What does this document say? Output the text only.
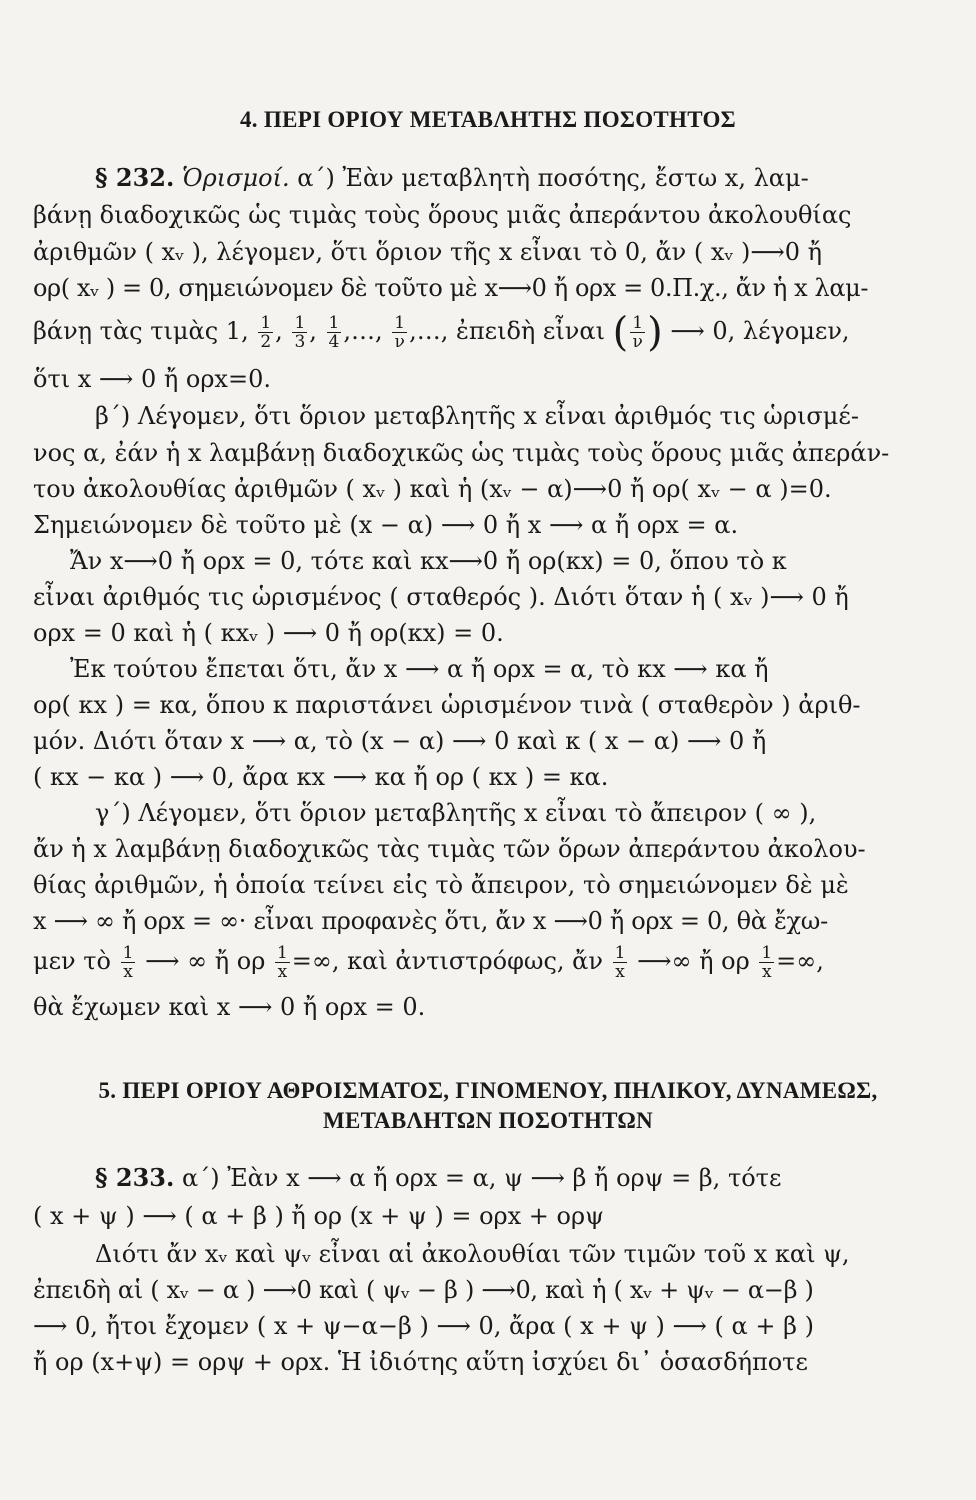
4. ΠΕΡΙ ΟΡΙΟΥ ΜΕΤΑΒΛΗΤΗΣ ΠΟΣΟΤΗΤΟΣ
§ 232. Ὁρισμοί. α΄) Ἐὰν μεταβλητὴ ποσότης, ἔστω x, λαμ-
βάνῃ διαδοχικῶς ὡς τιμὰς τοὺς ὅρους μιᾶς ἀπεράντου ἀκολουθίας
ἀριθμῶν ( xᵥ ), λέγομεν, ὅτι ὅριον τῆς x εἶναι τὸ 0, ἄν ( xᵥ )⟶0 ἤ
ορ( xᵥ ) = 0, σημειώνομεν δὲ τοῦτο μὲ x⟶0 ἤ ορx = 0.Π.χ., ἄν ἡ x λαμ-
βάνῃ τὰς τιμὰς 1, $\frac{1}{2}$ , $\frac{1}{3}$ , $\frac{1}{4}$ ,…, $\frac{1}{\nu}$ ,…, ἐπειδὴ εἶναι ( $\frac{1}{\nu}$ ) ⟶ 0, λέγομεν,
ὅτι x ⟶ 0 ἤ ορx=0.
β΄) Λέγομεν, ὅτι ὅριον μεταβλητῆς x εἶναι ἀριθμός τις ὡρισμέ-
νος α, ἐάν ἡ x λαμβάνῃ διαδοχικῶς ὡς τιμὰς τοὺς ὅρους μιᾶς ἀπεράν-
του ἀκολουθίας ἀριθμῶν ( xᵥ ) καὶ ἡ (xᵥ − α)⟶0 ἤ ορ( xᵥ − α )=0.
Σημειώνομεν δὲ τοῦτο μὲ (x − α) ⟶ 0 ἤ x ⟶ α ἤ ορx = α.
Ἄν x⟶0 ἤ ορx = 0, τότε καὶ κx⟶0 ἤ ορ(κx) = 0, ὅπου τὸ κ
εἶναι ἀριθμός τις ὡρισμένος ( σταθερός ). Διότι ὅταν ἡ ( xᵥ )⟶ 0 ἤ
ορx = 0 καὶ ἡ ( κxᵥ ) ⟶ 0 ἤ ορ(κx) = 0.
Ἐκ τούτου ἔπεται ὅτι, ἄν x ⟶ α ἤ ορx = α, τὸ κx ⟶ κα ἤ
ορ( κx ) = κα, ὅπου κ παριστάνει ὡρισμένον τινὰ ( σταθερὸν ) ἀριθ-
μόν. Διότι ὅταν x ⟶ α, τὸ (x − α) ⟶ 0 καὶ κ ( x − α) ⟶ 0 ἤ
( κx − κα ) ⟶ 0, ἄρα κx ⟶ κα ἤ ορ ( κx ) = κα.
γ΄) Λέγομεν, ὅτι ὅριον μεταβλητῆς x εἶναι τὸ ἄπειρον ( ∞ ),
ἄν ἡ x λαμβάνῃ διαδοχικῶς τὰς τιμὰς τῶν ὅρων ἀπεράντου ἀκολου-
θίας ἀριθμῶν, ἡ ὁποία τείνει εἰς τὸ ἄπειρον, τὸ σημειώνομεν δὲ μὲ
x ⟶ ∞ ἤ ορx = ∞· εἶναι προφανὲς ὅτι, ἄν x ⟶0 ἤ ορx = 0, θὰ ἔχω-
μεν τὸ $\frac{1}{x}$ ⟶ ∞ ἤ ορ $\frac{1}{x}$ =∞, καὶ ἀντιστρόφως, ἄν $\frac{1}{x}$ ⟶∞ ἤ ορ $\frac{1}{x}$ =∞,
θὰ ἔχωμεν καὶ x ⟶ 0 ἤ ορx = 0.
5. ΠΕΡΙ ΟΡΙΟΥ ΑΘΡΟΙΣΜΑΤΟΣ, ΓΙΝΟΜΕΝΟΥ, ΠΗΛΙΚΟΥ, ΔΥΝΑΜΕΩΣ,
ΜΕΤΑΒΛΗΤΩΝ ΠΟΣΟΤΗΤΩΝ
§ 233. α΄) Ἐὰν x ⟶ α ἤ ορx = α, ψ ⟶ β ἤ ορψ = β, τότε
( x + ψ ) ⟶ ( α + β ) ἤ ορ (x + ψ ) = ορx + ορψ
Διότι ἄν xᵥ καὶ ψᵥ εἶναι αἱ ἀκολουθίαι τῶν τιμῶν τοῦ x καὶ ψ,
ἐπειδὴ αἱ ( xᵥ − α ) ⟶0 καὶ ( ψᵥ − β ) ⟶0, καὶ ἡ ( xᵥ + ψᵥ − α−β )
⟶ 0, ἤτοι ἔχομεν ( x + ψ−α−β ) ⟶ 0, ἄρα ( x + ψ ) ⟶ ( α + β )
ἤ ορ (x+ψ) = ορψ + ορx. Ἡ ἰδιότης αὕτη ἰσχύει δι᾽ ὁσασδήποτε
